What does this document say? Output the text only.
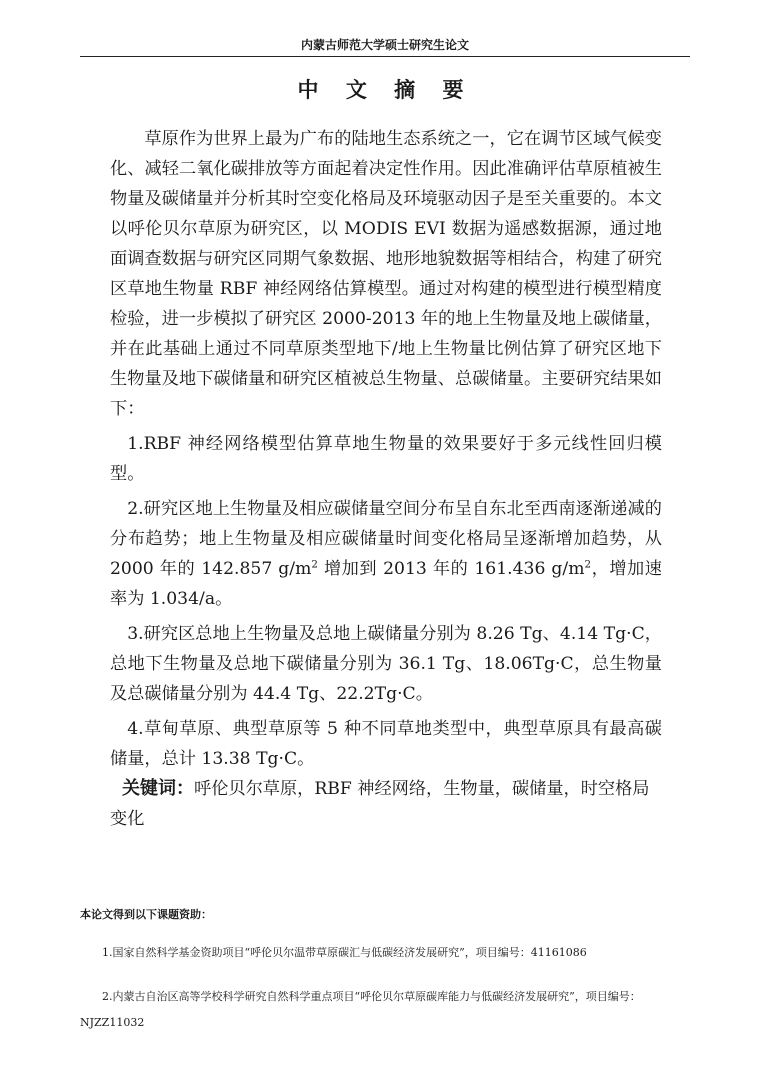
内蒙古师范大学硕士研究生论文
中 文 摘 要

草原作为世界上最为广布的陆地生态系统之一，它在调节区域气候变化、减轻二氧化碳排放等方面起着决定性作用。因此准确评估草原植被生物量及碳储量并分析其时空变化格局及环境驱动因子是至关重要的。本文以呼伦贝尔草原为研究区，以 MODIS EVI 数据为遥感数据源，通过地面调查数据与研究区同期气象数据、地形地貌数据等相结合，构建了研究区草地生物量 RBF 神经网络估算模型。通过对构建的模型进行模型精度检验，进一步模拟了研究区 2000-2013 年的地上生物量及地上碳储量，并在此基础上通过不同草原类型地下/地上生物量比例估算了研究区地下生物量及地下碳储量和研究区植被总生物量、总碳储量。主要研究结果如下：

1.RBF 神经网络模型估算草地生物量的效果要好于多元线性回归模型。

2.研究区地上生物量及相应碳储量空间分布呈自东北至西南逐渐递减的分布趋势；地上生物量及相应碳储量时间变化格局呈逐渐增加趋势，从 2000 年的 142.857 $g/m^2$ 增加到 2013 年的 161.436 $g/m^2$，增加速率为 1.034/a。

3.研究区总地上生物量及总地上碳储量分别为 8.26 Tg、4.14 Tg·C，总地下生物量及总地下碳储量分别为 36.1 Tg、18.06Tg·C，总生物量及总碳储量分别为 44.4 Tg、22.2Tg·C。

4.草甸草原、典型草原等 5 种不同草地类型中，典型草原具有最高碳储量，总计 13.38 Tg·C。

关键词：呼伦贝尔草原，RBF 神经网络，生物量，碳储量，时空格局变化
本论文得到以下课题资助：
1.国家自然科学基金资助项目“呼伦贝尔温带草原碳汇与低碳经济发展研究”，项目编号：41161086
2.内蒙古自治区高等学校科学研究自然科学重点项目“呼伦贝尔草原碳库能力与低碳经济发展研究”，项目编号：NJZZ11032
